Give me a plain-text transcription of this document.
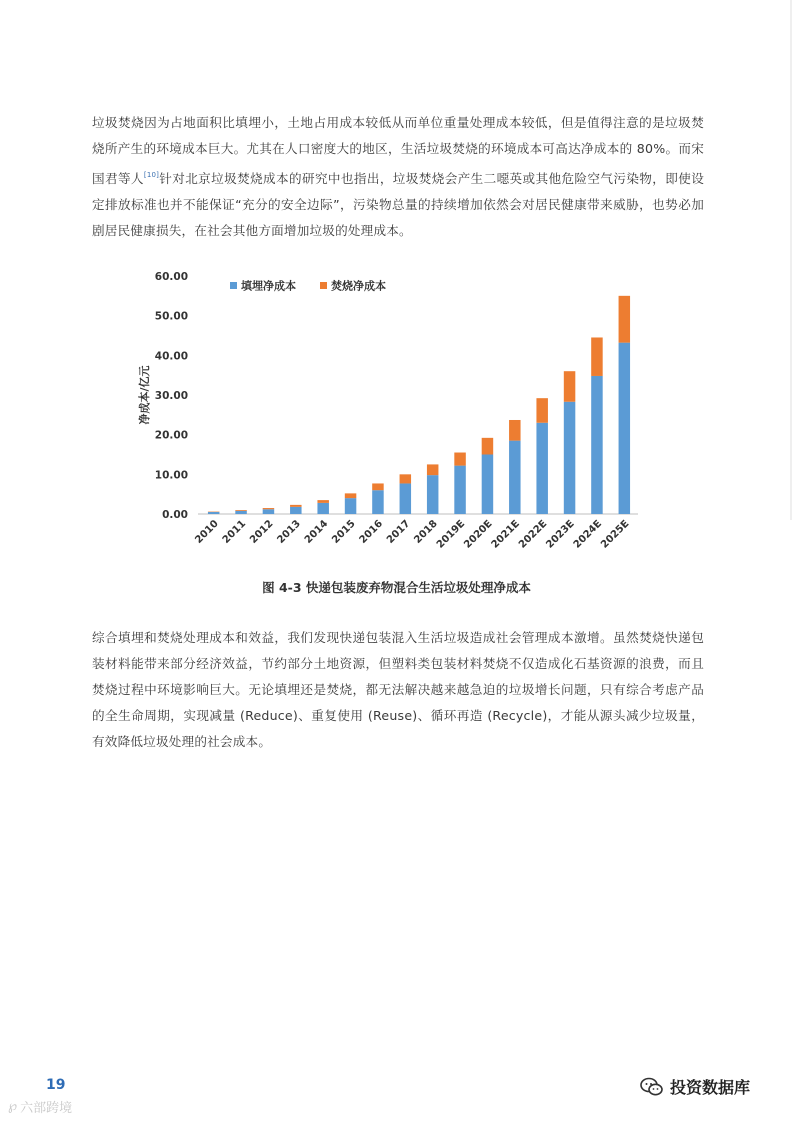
垃圾焚烧因为占地面积比填埋小，土地占用成本较低从而单位重量处理成本较低，但是值得注意的是垃圾焚烧所产生的环境成本巨大。尤其在人口密度大的地区，生活垃圾焚烧的环境成本可高达净成本的 80%。而宋国君等人[10]针对北京垃圾焚烧成本的研究中也指出，垃圾焚烧会产生二噁英或其他危险空气污染物，即使设定排放标准也并不能保证“充分的安全边际”，污染物总量的持续增加依然会对居民健康带来威胁，也势必加剧居民健康损失，在社会其他方面增加垃圾的处理成本。

0.00
10.00
20.00
30.00
40.00
50.00
60.00
净成本/亿元
2010 2011 2012 2013 2014 2015 2016 2017 2018
2019E
2020E
2021E
2022E
2023E
2024E
2025E
填埋净成本	焚烧净成本
图 4-3 快递包装废弃物混合生活垃圾处理净成本

综合填埋和焚烧处理成本和效益，我们发现快递包装混入生活垃圾造成社会管理成本激增。虽然焚烧快递包装材料能带来部分经济效益，节约部分土地资源，但塑料类包装材料焚烧不仅造成化石基资源的浪费，而且焚烧过程中环境影响巨大。无论填埋还是焚烧，都无法解决越来越急迫的垃圾增长问题，只有综合考虑产品的全生命周期，实现减量 (Reduce)、重复使用 (Reuse)、循环再造 (Recycle)，才能从源头减少垃圾量，有效降低垃圾处理的社会成本。

19
℘ 六部跨境
投资数据库
